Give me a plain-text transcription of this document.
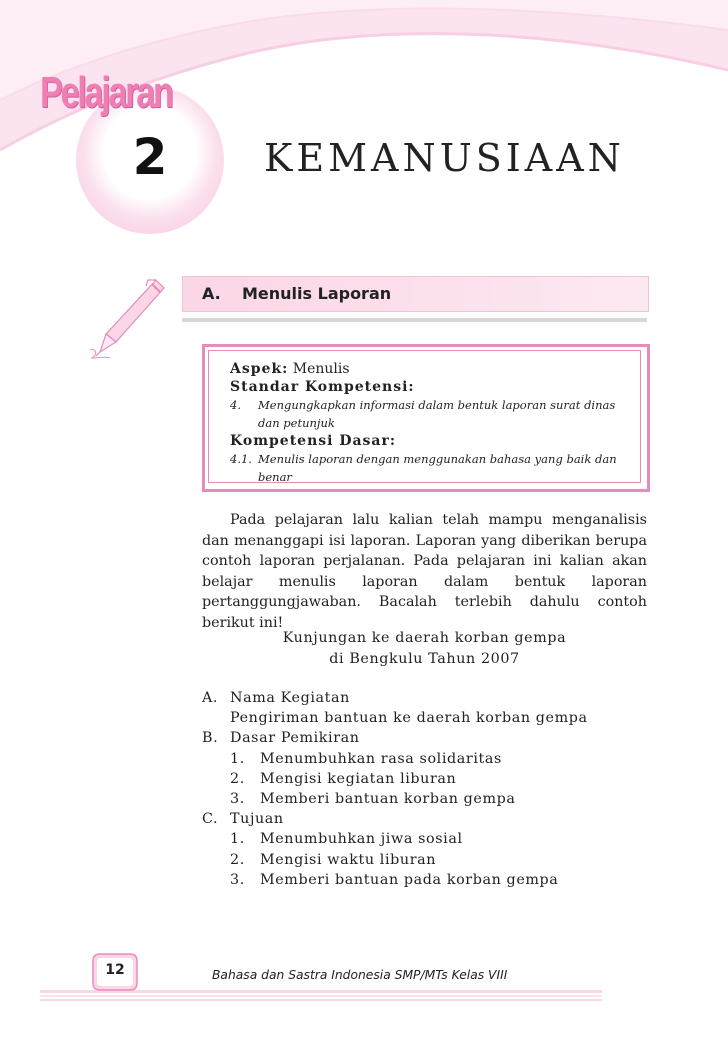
Pelajaran
2	KEMANUSIAAN
A. Menulis Laporan
Aspek: Menulis
Standar Kompetensi:
4.	Mengungkapkan informasi dalam bentuk laporan surat dinas dan petunjuk
Kompetensi Dasar:
4.1. Menulis laporan dengan menggunakan bahasa yang baik dan benar
Pada pelajaran lalu kalian telah mampu menganalisis dan menanggapi isi laporan. Laporan yang diberikan berupa contoh laporan perjalanan. Pada pelajaran ini kalian akan belajar menulis laporan dalam bentuk laporan pertanggungjawaban. Bacalah terlebih dahulu contoh berikut ini!
Kunjungan ke daerah korban gempa
di Bengkulu Tahun 2007
A. Nama Kegiatan
Pengiriman bantuan ke daerah korban gempa
B. Dasar Pemikiran
1.	Menumbuhkan rasa solidaritas
2.	Mengisi kegiatan liburan
3.	Memberi bantuan korban gempa
C. Tujuan
1.	Menumbuhkan jiwa sosial
2.	Mengisi waktu liburan
3.	Memberi bantuan pada korban gempa
12	Bahasa dan Sastra Indonesia SMP/MTs Kelas VIII
